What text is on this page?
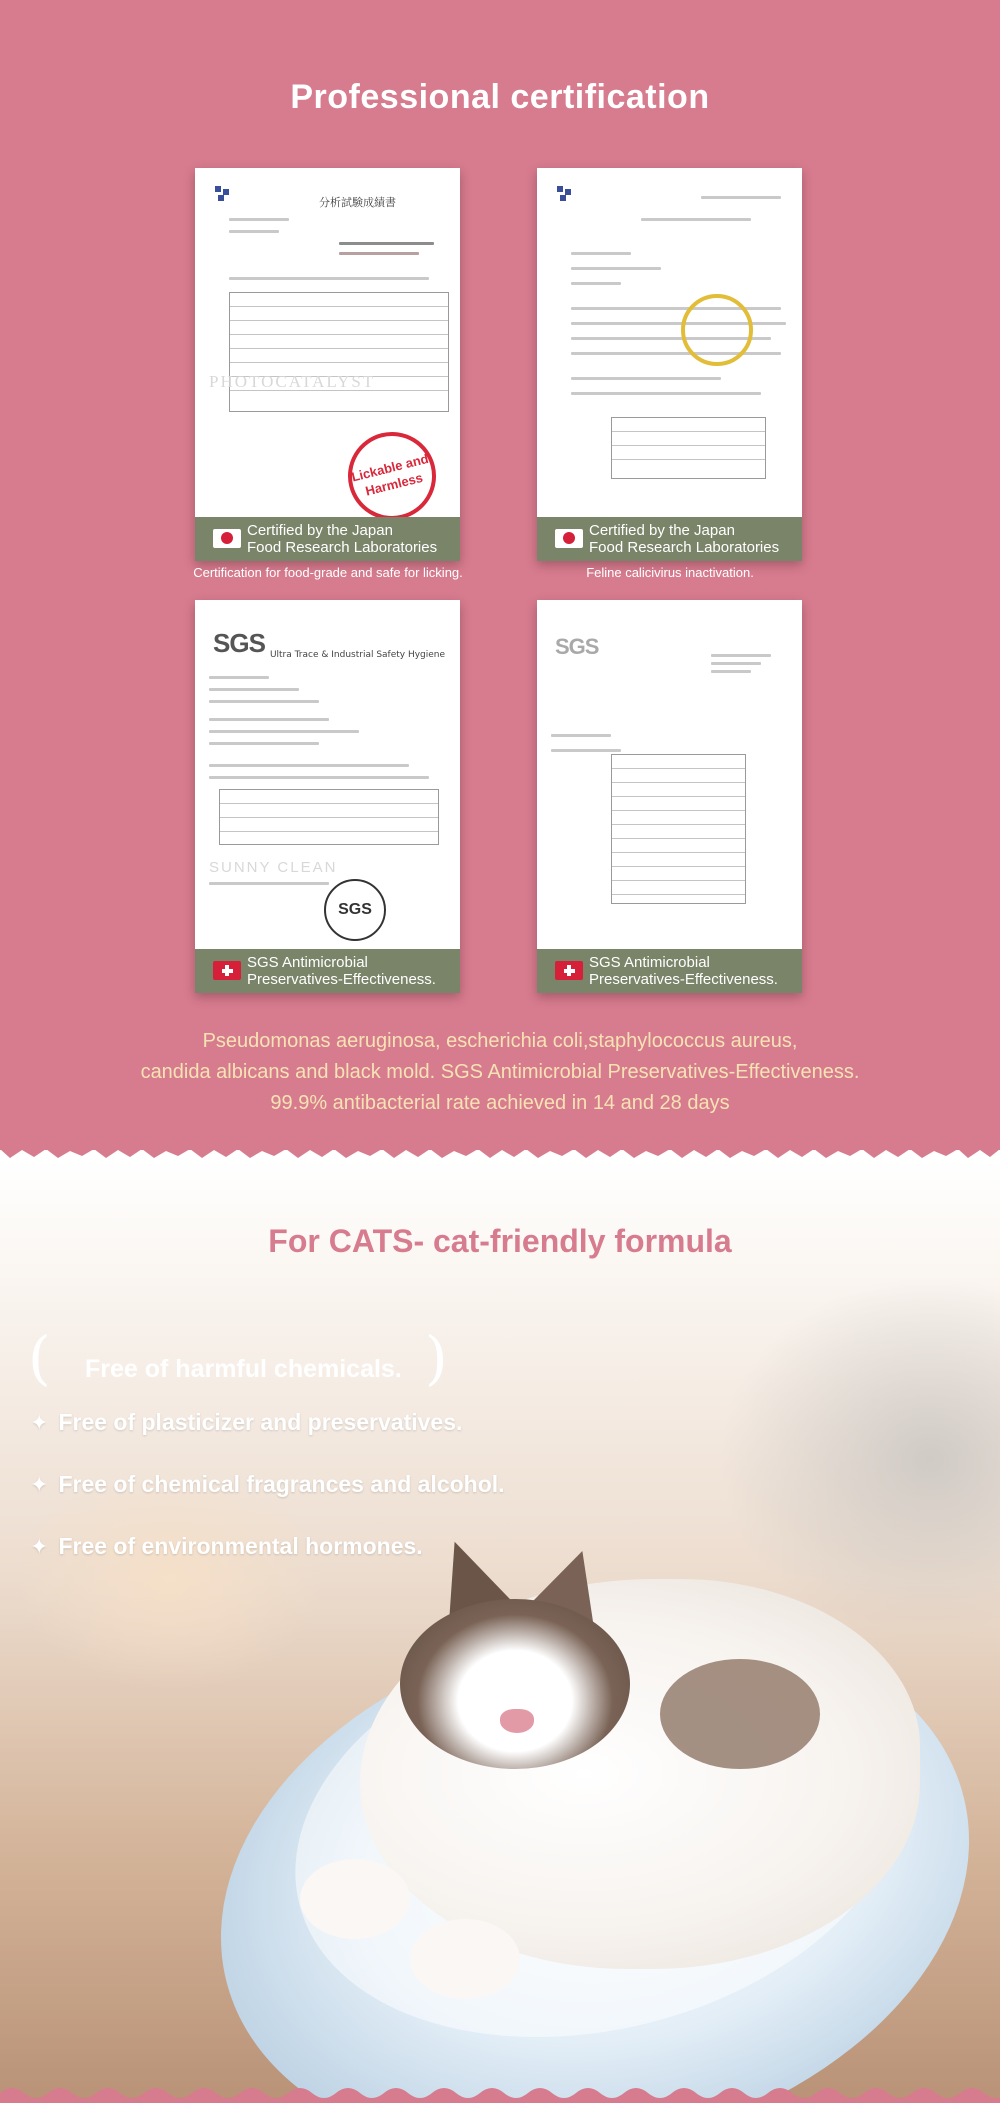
Professional certification
分析試験成績書
PHOTOCATALYST
Lickable and Harmless
Certified by the Japan
Food Research Laboratories
Certification for food-grade and safe for licking.
Certified by the Japan
Food Research Laboratories
Feline calicivirus inactivation.
SGS Ultra Trace & Industrial Safety Hygiene
SUNNY CLEAN
SGS
SGS Antimicrobial
Preservatives-Effectiveness.
SGS
SGS Antimicrobial
Preservatives-Effectiveness.

Pseudomonas aeruginosa, escherichia coli,staphylococcus aureus,

candida albicans and black mold. SGS Antimicrobial Preservatives-Effectiveness.

99.9% antibacterial rate achieved in 14 and 28 days

For CATS- cat-friendly formula
( Free of harmful chemicals. )
✦ Free of plasticizer and preservatives.
✦ Free of chemical fragrances and alcohol.
✦ Free of environmental hormones.
